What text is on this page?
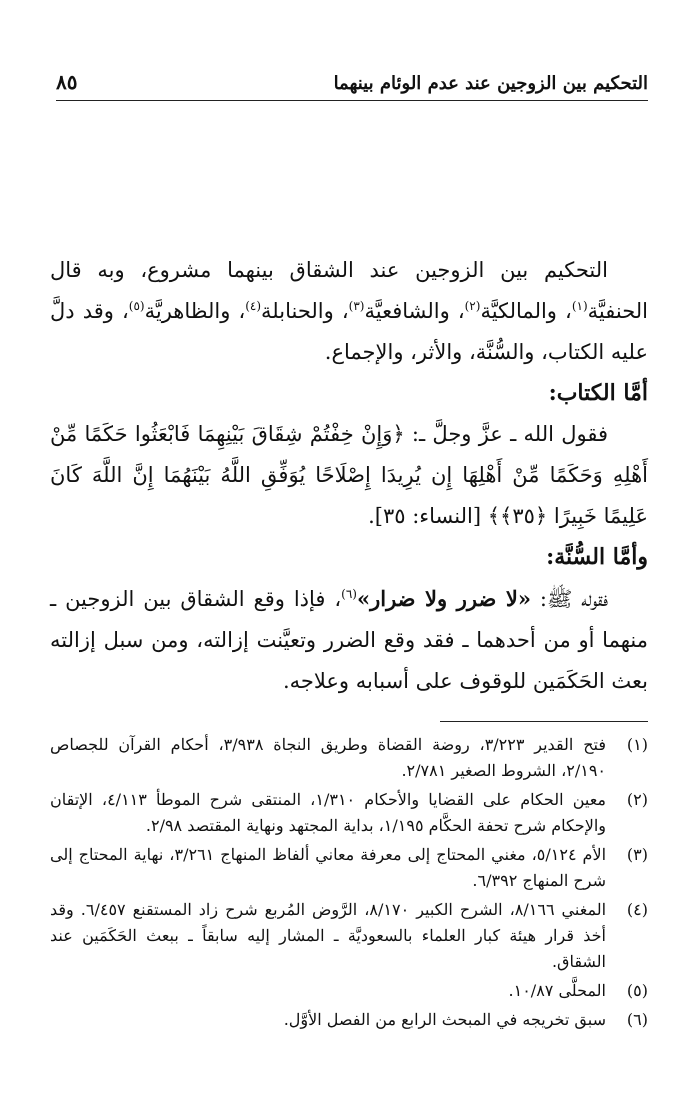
التحكيم بين الزوجين عند عدم الوئام بينهما
٨٥

التحكيم بين الزوجين عند الشقاق بينهما مشروع، وبه قال الحنفيَّة$^{(١)}$، والمالكيَّة$^{(٢)}$، والشافعيَّة$^{(٣)}$، والحنابلة$^{(٤)}$، والظاهريَّة$^{(٥)}$، وقد دلَّ عليه الكتاب، والسُّنَّة، والأثر، والإجماع.

أمَّا الكتاب:

فقول الله ـ عزَّ وجلَّ ـ: ﴿وَإِنْ خِفْتُمْ شِقَاقَ بَيْنِهِمَا فَابْعَثُوا حَكَمًا مِّنْ أَهْلِهِ وَحَكَمًا مِّنْ أَهْلِهَا إِن يُرِيدَا إِصْلَاحًا يُوَفِّقِ اللَّهُ بَيْنَهُمَا إِنَّ اللَّهَ كَانَ عَلِيمًا خَبِيرًا ﴿٣٥﴾﴾ [النساء: ٣٥].

وأمَّا السُّنَّة:

فقوله ﷺ: «لا ضرر ولا ضرار»$^{(٦)}$، فإذا وقع الشقاق بين الزوجين ـ منهما أو من أحدهما ـ فقد وقع الضرر وتعيَّنت إزالته، ومن سبل إزالته بعث الحَكَمَين للوقوف على أسبابه وعلاجه.

(١)
فتح القدير ٣/٢٢٣، روضة القضاة وطريق النجاة ٣/٩٣٨، أحكام القرآن للجصاص ٢/١٩٠، الشروط الصغير ٢/٧٨١.
(٢)
معين الحكام على القضايا والأحكام ١/٣١٠، المنتقى شرح الموطأ ٤/١١٣، الإتقان والإحكام شرح تحفة الحكَّام ١/١٩٥، بداية المجتهد ونهاية المقتصد ٢/٩٨.
(٣)
الأم ٥/١٢٤، مغني المحتاج إلى معرفة معاني ألفاظ المنهاج ٣/٢٦١، نهاية المحتاج إلى شرح المنهاج ٦/٣٩٢.
(٤)
المغني ٨/١٦٦، الشرح الكبير ٨/١٧٠، الرَّوض المُربع شرح زاد المستقنع ٦/٤٥٧. وقد أخذ قرار هيئة كبار العلماء بالسعوديَّة ـ المشار إليه سابقاً ـ ببعث الحَكَمَين عند الشقاق.
(٥)
المحلَّى ١٠/٨٧.
(٦)
سبق تخريجه في المبحث الرابع من الفصل الأوَّل.
